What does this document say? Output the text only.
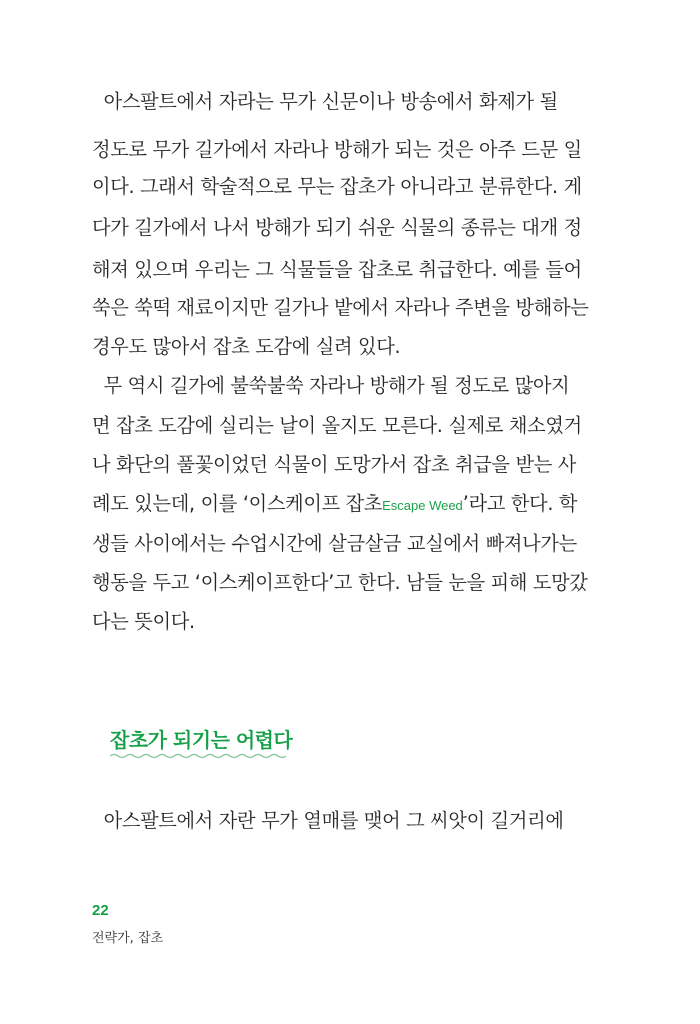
아스팔트에서 자라는 무가 신문이나 방송에서 화제가 될
정도로 무가 길가에서 자라나 방해가 되는 것은 아주 드문 일
이다. 그래서 학술적으로 무는 잡초가 아니라고 분류한다. 게
다가 길가에서 나서 방해가 되기 쉬운 식물의 종류는 대개 정
해져 있으며 우리는 그 식물들을 잡초로 취급한다. 예를 들어
쑥은 쑥떡 재료이지만 길가나 밭에서 자라나 주변을 방해하는
경우도 많아서 잡초 도감에 실려 있다.
무 역시 길가에 불쑥불쑥 자라나 방해가 될 정도로 많아지
면 잡초 도감에 실리는 날이 올지도 모른다. 실제로 채소였거
나 화단의 풀꽃이었던 식물이 도망가서 잡초 취급을 받는 사
례도 있는데, 이를 ‘이스케이프 잡초Escape Weed’라고 한다. 학
생들 사이에서는 수업시간에 살금살금 교실에서 빠져나가는
행동을 두고 ‘이스케이프한다’고 한다. 남들 눈을 피해 도망갔
다는 뜻이다.
잡초가 되기는 어렵다
아스팔트에서 자란 무가 열매를 맺어 그 씨앗이 길거리에
22
전략가, 잡초
